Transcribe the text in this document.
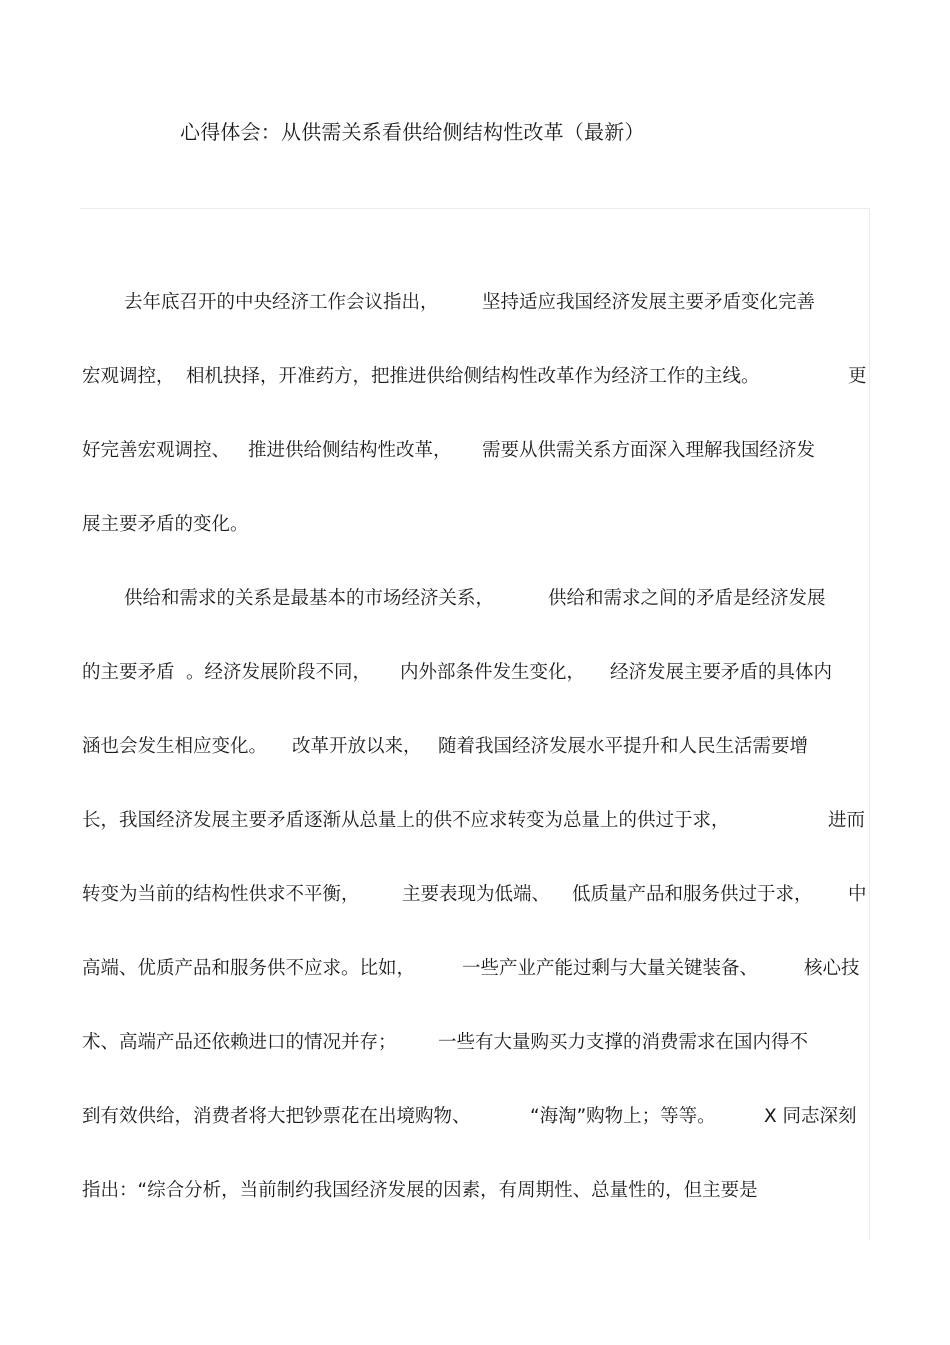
心得体会：从供需关系看供给侧结构性改革（最新）
去年底召开的中央经济工作会议指出， 坚持适应我国经济发展主要矛盾变化完善
宏观调控， 相机抉择，开准药方，把推进供给侧结构性改革作为经济工作的主线。	更
好完善宏观调控、 推进供给侧结构性改革， 需要从供需关系方面深入理解我国经济发
展主要矛盾的变化。
供给和需求的关系是最基本的市场经济关系，	供给和需求之间的矛盾是经济发展
的主要矛盾 。经济发展阶段不同， 内外部条件发生变化， 经济发展主要矛盾的具体内
涵也会发生相应变化。 改革开放以来， 随着我国经济发展水平提升和人民生活需要增
长，我国经济发展主要矛盾逐渐从总量上的供不应求转变为总量上的供过于求，	进而
转变为当前的结构性供求不平衡， 主要表现为低端、 低质量产品和服务供过于求， 中
高端、优质产品和服务供不应求。比如，	一些产业产能过剩与大量关键装备、 核心技
术、高端产品还依赖进口的情况并存； 一些有大量购买力支撑的消费需求在国内得不
到有效供给，消费者将大把钞票花在出境购物、	“海淘”购物上；等等。	X 同志深刻
指出：“综合分析，当前制约我国经济发展的因素，有周期性、总量性的，但主要是
